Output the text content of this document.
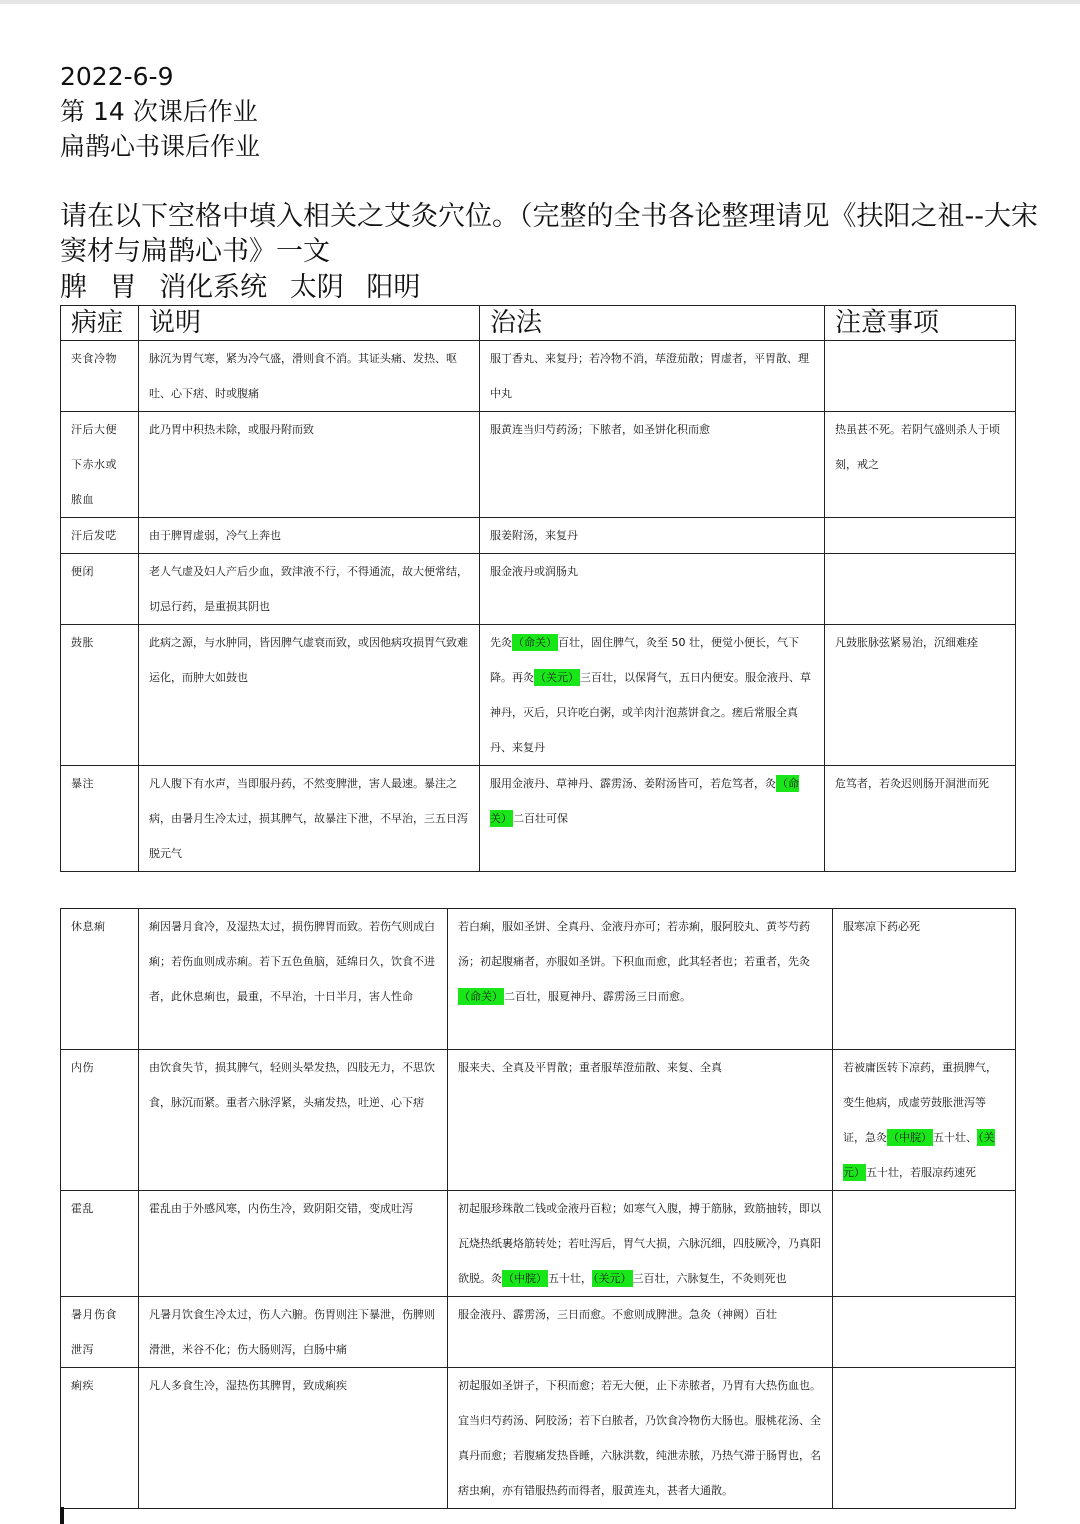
2022-6-9
第 14 次课后作业
扁鹊心书课后作业
请在以下空格中填入相关之艾灸穴位。（完整的全书各论整理请见《扶阳之祖--大宋窦材与扁鹊心书》一文
脾 胃 消化系统 太阴 阳明
病症	说明	治法	注意事项
夹食冷物	脉沉为胃气寒，紧为冷气盛，滑则食不消。其证头痛、发热、呕吐、心下痞、时或腹痛	服丁香丸、来复丹；若冷物不消，荜澄茄散；胃虚者，平胃散、理中丸	
汗后大便下赤水或脓血	此乃胃中积热未除，或服丹附而致	服黄连当归芍药汤；下脓者，如圣饼化积而愈	热虽甚不死。若阴气盛则杀人于顷刻，戒之
汗后发呓	由于脾胃虚弱，冷气上奔也	服姜附汤，来复丹	
便闭	老人气虚及妇人产后少血，致津液不行，不得通流，故大便常结，切忌行药，是重损其阴也	服金液丹或润肠丸	
鼓胀	此病之源，与水肿同，皆因脾气虚衰而致，或因他病攻损胃气致难运化，而肿大如鼓也	先灸（命关）百壮，固住脾气，灸至 50 壮，便觉小便长，气下降。再灸（关元）三百壮，以保肾气，五日内便安。服金液丹、草神丹，灭后，只许吃白粥，或羊肉汁泡蒸饼食之。瘥后常服全真丹、来复丹	凡鼓胀脉弦紧易治，沉细难痊
暴注	凡人腹下有水声，当即服丹药，不然变脾泄，害人最速。暴注之病，由暑月生冷太过，损其脾气，故暴注下泄，不早治，三五日泻脱元气	服用金液丹、草神丹、霹雳汤、姜附汤皆可，若危笃者，灸（命关）二百壮可保	危笃者，若灸迟则肠开洞泄而死
休息痢	痢因暑月食冷，及湿热太过，损伤脾胃而致。若伤气则成白痢；若伤血则成赤痢。若下五色鱼脑，延绵日久，饮食不进者，此休息痢也，最重，不早治，十日半月，害人性命	若白痢，服如圣饼、全真丹、金液丹亦可；若赤痢，服阿胶丸、黄芩芍药汤；初起腹痛者，亦服如圣饼。下积血而愈，此其轻者也；若重者，先灸（命关）二百壮，服夏神丹、霹雳汤三日而愈。	服寒凉下药必死
内伤	由饮食失节，损其脾气，轻则头晕发热，四肢无力，不思饮食，脉沉而紧。重者六脉浮紧，头痛发热，吐逆、心下痞	服来夫、全真及平胃散；重者服荜澄茄散、来复、全真	若被庸医转下凉药，重损脾气，变生他病，成虚劳鼓胀泄泻等证，急灸（中脘）五十壮、（关元）五十壮，若服凉药速死
霍乱	霍乱由于外感风寒，内伤生冷，致阴阳交错，变成吐泻	初起服珍珠散二钱或金液丹百粒；如寒气入腹，搏于筋脉，致筋抽转，即以瓦烧热纸裹烙筋转处；若吐泻后，胃气大损，六脉沉细，四肢厥冷，乃真阳欲脱。灸（中脘）五十壮，（关元）三百壮，六脉复生，不灸则死也	
暑月伤食泄泻	凡暑月饮食生冷太过，伤人六腑。伤胃则注下暴泄，伤脾则滑泄，米谷不化；伤大肠则泻，白肠中痛	服金液丹、霹雳汤，三日而愈。不愈则成脾泄。急灸（神阙）百壮	
痢疾	凡人多食生冷，湿热伤其脾胃，致成痢疾	初起服如圣饼子，下积而愈；若无大便，止下赤脓者，乃胃有大热伤血也。宜当归芍药汤、阿胶汤；若下白脓者，乃饮食冷物伤大肠也。服桃花汤、全真丹而愈；若腹痛发热昏睡，六脉洪数，纯泄赤脓，乃热气滞于肠胃也，名痞虫痢，亦有错服热药而得者，服黄连丸，甚者大通散。	
